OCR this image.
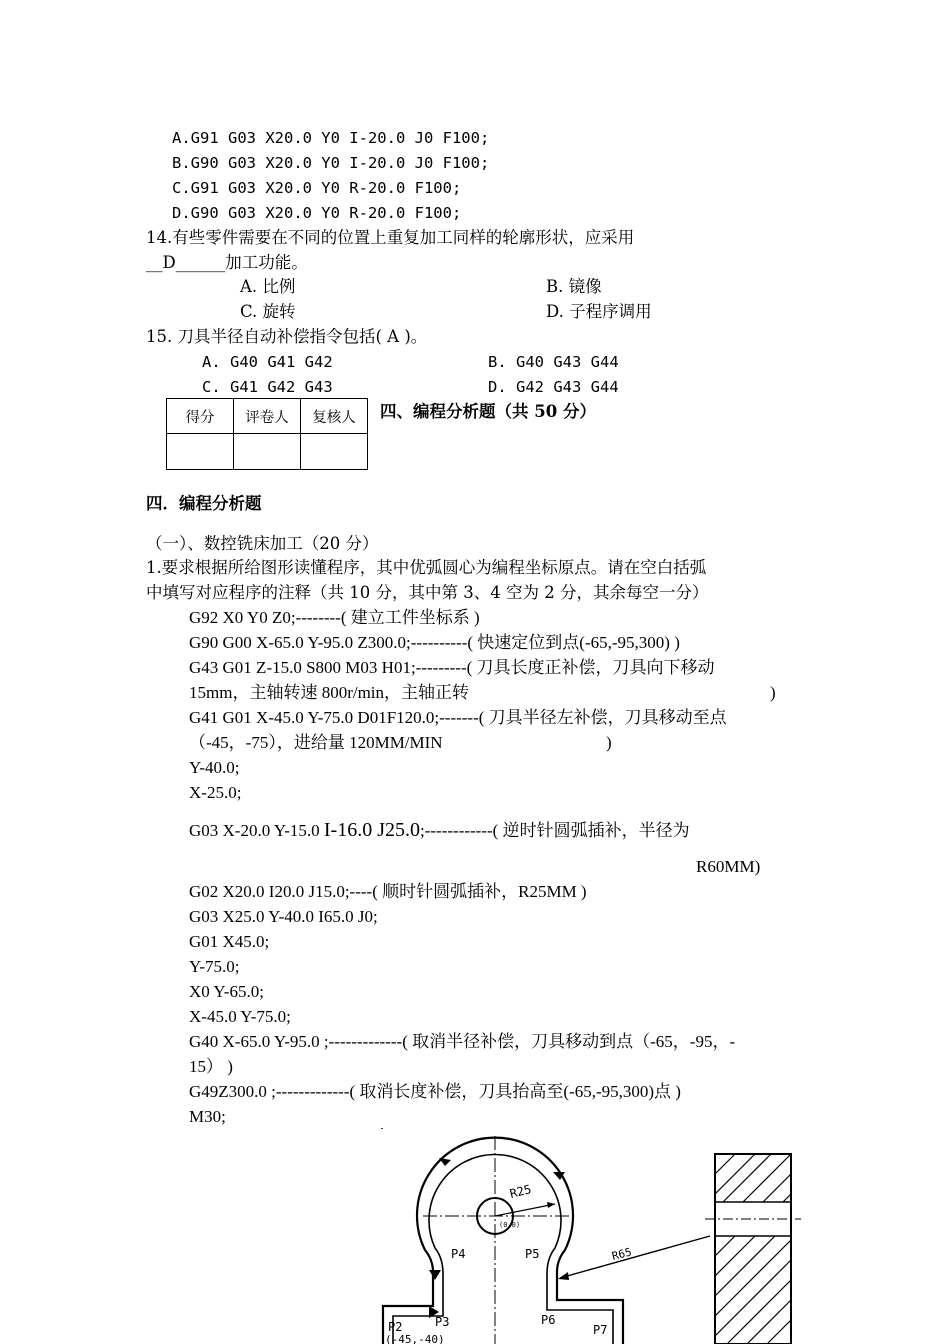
A.G91 G03 X20.0 Y0 I-20.0 J0 F100;
B.G90 G03 X20.0 Y0 I-20.0 J0 F100;
C.G91 G03 X20.0 Y0 R-20.0 F100;
D.G90 G03 X20.0 Y0 R-20.0 F100;
14.有些零件需要在不同的位置上重复加工同样的轮廓形状，应采用
__D______加工功能。
A. 比例	B. 镜像
C. 旋转	D. 子程序调用
15. 刀具半径自动补偿指令包括( A )。
A. G40 G41 G42	B. G40 G43 G44
C. G41 G42 G43	D. G42 G43 G44
得分	评卷人	复核人
		四、编程分析题（共 50 分）
四．编程分析题
（一）、数控铣床加工（20 分）
1.要求根据所给图形读懂程序，其中优弧圆心为编程坐标原点。请在空白括弧
中填写对应程序的注释（共 10 分，其中第 3、4 空为 2 分，其余每空一分）
G92 X0 Y0 Z0;--------( 建立工件坐标系 )
G90 G00 X-65.0 Y-95.0 Z300.0;----------( 快速定位到点(-65,-95,300) )
G43 G01 Z-15.0 S800 M03 H01;---------( 刀具长度正补偿，刀具向下移动
15mm，主轴转速 800r/min，主轴正转	)
G41 G01 X-45.0 Y-75.0 D01F120.0;-------( 刀具半径左补偿，刀具移动至点
（-45，-75），进给量 120MM/MIN	)
Y-40.0;
X-25.0;
G03 X-20.0 Y-15.0 I-16.0 J25.0;------------( 逆时针圆弧插补，半径为
R60MM)
G02 X20.0 I20.0 J15.0;----( 顺时针圆弧插补，R25MM )
G03 X25.0 Y-40.0 I65.0 J0;
G01 X45.0;
Y-75.0;
X0 Y-65.0;
X-45.0 Y-75.0;
G40 X-65.0 Y-95.0 ;-------------( 取消半径补偿，刀具移动到点（-65，-95，-
15） )
G49Z300.0 ;-------------( 取消长度补偿，刀具抬高至(-65,-95,300)点 )
M30;
R25
R65
(0,0)
P4	P5
P2	P3	P6
P7
(-45,-40)
